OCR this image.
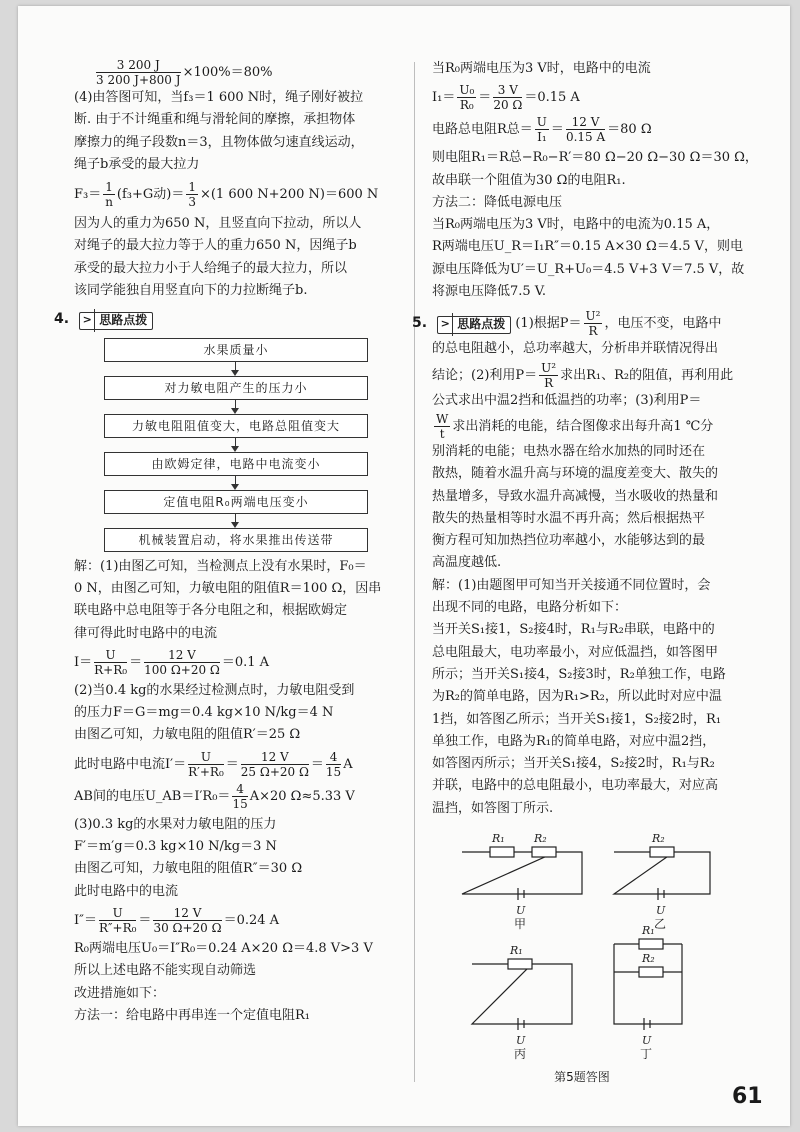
$\frac{3 200 J}{3 200 J+800 J} \times 100\%=80\%$
(4)由答图可知，当f₃＝1 600 N时，绳子刚好被拉
断. 由于不计绳重和绳与滑轮间的摩擦，承担物体
摩擦力的绳子段数n＝3，且物体做匀速直线运动，
绳子b承受的最大拉力
$F_3= \frac{1}{n} (f_3+G$动)＝ $\frac{1}{3} \times(1$ 600 N+200 N)＝600 N
因为人的重力为650 N，且竖直向下拉动，所以人
对绳子的最大拉力等于人的重力650 N，因绳子b
承受的最大拉力小于人给绳子的最大拉力，所以
该同学能独自用竖直向下的力拉断绳子b.
4. > 思路点拨
水果质量小
对力敏电阻产生的压力小
力敏电阻阻值变大，电路总阻值变大
由欧姆定律，电路中电流变小
定值电阻R₀两端电压变小
机械装置启动，将水果推出传送带
解：(1)由图乙可知，当检测点上没有水果时，F₀＝
0 N，由图乙可知，力敏电阻的阻值R＝100 Ω，因串
联电路中总电阻等于各分电阻之和，根据欧姆定
律可得此时电路中的电流
$I= \frac{U}{\text{R+R₀}} = \frac{12 V}{100 \Omega+20 \Omega} =0.1$ A
(2)当0.4 kg的水果经过检测点时，力敏电阻受到
的压力F＝G＝mg＝0.4 kg×10 N/kg＝4 N
由图乙可知，力敏电阻的阻值R′＝25 Ω
此时电路中电流$I'= \frac{U}{\text{R′+R₀}} = \frac{12 V}{25 \Omega+20 \Omega} = \frac{4}{15}$ A
AB间的电压U_AB＝I′R₀＝ $\frac{4}{15} A\times 20$ Ω≈5.33 V
(3)0.3 kg的水果对力敏电阻的压力
F′＝m′g＝0.3 kg×10 N/kg＝3 N
由图乙可知，力敏电阻的阻值R″＝30 Ω
此时电路中的电流
$I''= \frac{U}{\text{R″+R₀}} = \frac{12 V}{30 \Omega+20 \Omega} =0.24$ A
R₀两端电压U₀＝I″R₀＝0.24 A×20 Ω＝4.8 V>3 V
所以上述电路不能实现自动筛选
改进措施如下：
方法一：给电路中再串连一个定值电阻R₁
当R₀两端电压为3 V时，电路中的电流
$I_1= \frac{\text{U₀}}{\text{R₀}} = \frac{3 V}{20 \Omega} =0.15$ A
电路总电阻R总＝ $\frac{U}{\text{I₁}} = \frac{12 V}{0.15 A} =80$ Ω
则电阻R₁＝R总−R₀−R′＝80 Ω−20 Ω−30 Ω＝30 Ω，
故串联一个阻值为30 Ω的电阻R₁.
方法二：降低电源电压
当R₀两端电压为3 V时，电路中的电流为0.15 A，
R两端电压U_R＝I₁R″＝0.15 A×30 Ω＝4.5 V，则电
源电压降低为U′＝U_R+U₀＝4.5 V+3 V＝7.5 V，故
将源电压降低7.5 V.
5. > 思路点拨 (1)根据$P= \frac{\text{U²}}{R}$ ，电压不变，电路中
的总电阻越小，总功率越大，分析串并联情况得出
结论；(2)利用$P= \frac{\text{U²}}{R}$ 求出R₁、R₂的阻值，再利用此
公式求出中温2挡和低温挡的功率；(3)利用P＝
$\frac{W}{t}$ 求出消耗的电能，结合图像求出每升高1 ℃分
别消耗的电能；电热水器在给水加热的同时还在
散热，随着水温升高与环境的温度差变大、散失的
热量增多，导致水温升高减慢，当水吸收的热量和
散失的热量相等时水温不再升高；然后根据热平
衡方程可知加热挡位功率越小，水能够达到的最
高温度越低.
解：(1)由题图甲可知当开关接通不同位置时，会
出现不同的电路，电路分析如下：
当开关S₁接1，S₂接4时，R₁与R₂串联，电路中的
总电阻最大，电功率最小，对应低温挡，如答图甲
所示；当开关S₁接4，S₂接3时，R₂单独工作，电路
为R₂的简单电路，因为R₁>R₂，所以此时对应中温
1挡，如答图乙所示；当开关S₁接1，S₂接2时，R₁
单独工作，电路为R₁的简单电路，对应中温2挡，
如答图丙所示；当开关S₁接4，S₂接2时，R₁与R₂
并联，电路中的总电阻最小，电功率最大，对应高
温挡，如答图丁所示.
R₁	R₂
U
R₂
U
R₁
U
R₁
R₂
U
甲	乙
丙	丁
第5题答图
61
